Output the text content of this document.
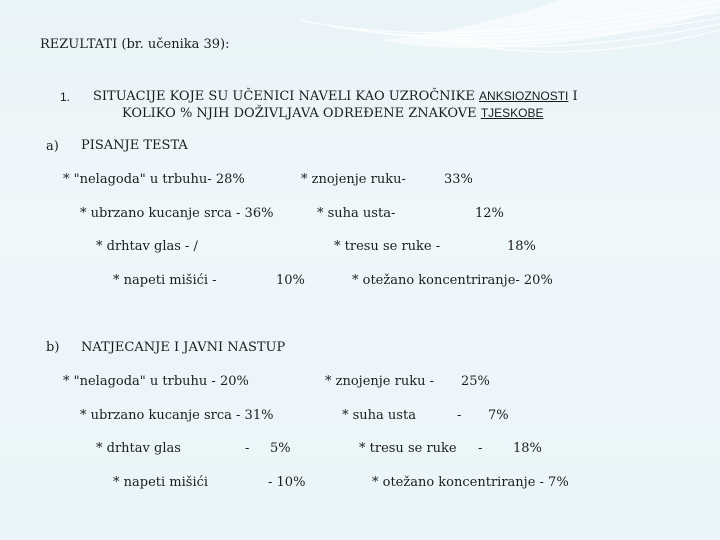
REZULTATI (br. učenika 39):
1. SITUACIJE KOJE SU UČENICI NAVELI KAO UZROČNIKE ANKSIOZNOSTI I
KOLIKO % NJIH DOŽIVLJAVA ODREĐENE ZNAKOVE TJESKOBE
a) PISANJE TESTA
* "nelagoda" u trbuhu- 28%	* znojenje ruku-	33%
* ubrzano kucanje srca - 36%	* suha usta-	12%
* drhtav glas - /	* tresu se ruke -	18%
* napeti mišići -	10%	* otežano koncentriranje- 20%
b) NATJECANJE I JAVNI NASTUP
* "nelagoda" u trbuhu - 20%	* znojenje ruku - 25%
* ubrzano kucanje srca - 31%	* suha usta	- 7%
* drhtav glas	- 5%	* tresu se ruke - 18%
* napeti mišići	- 10%	* otežano koncentriranje - 7%
